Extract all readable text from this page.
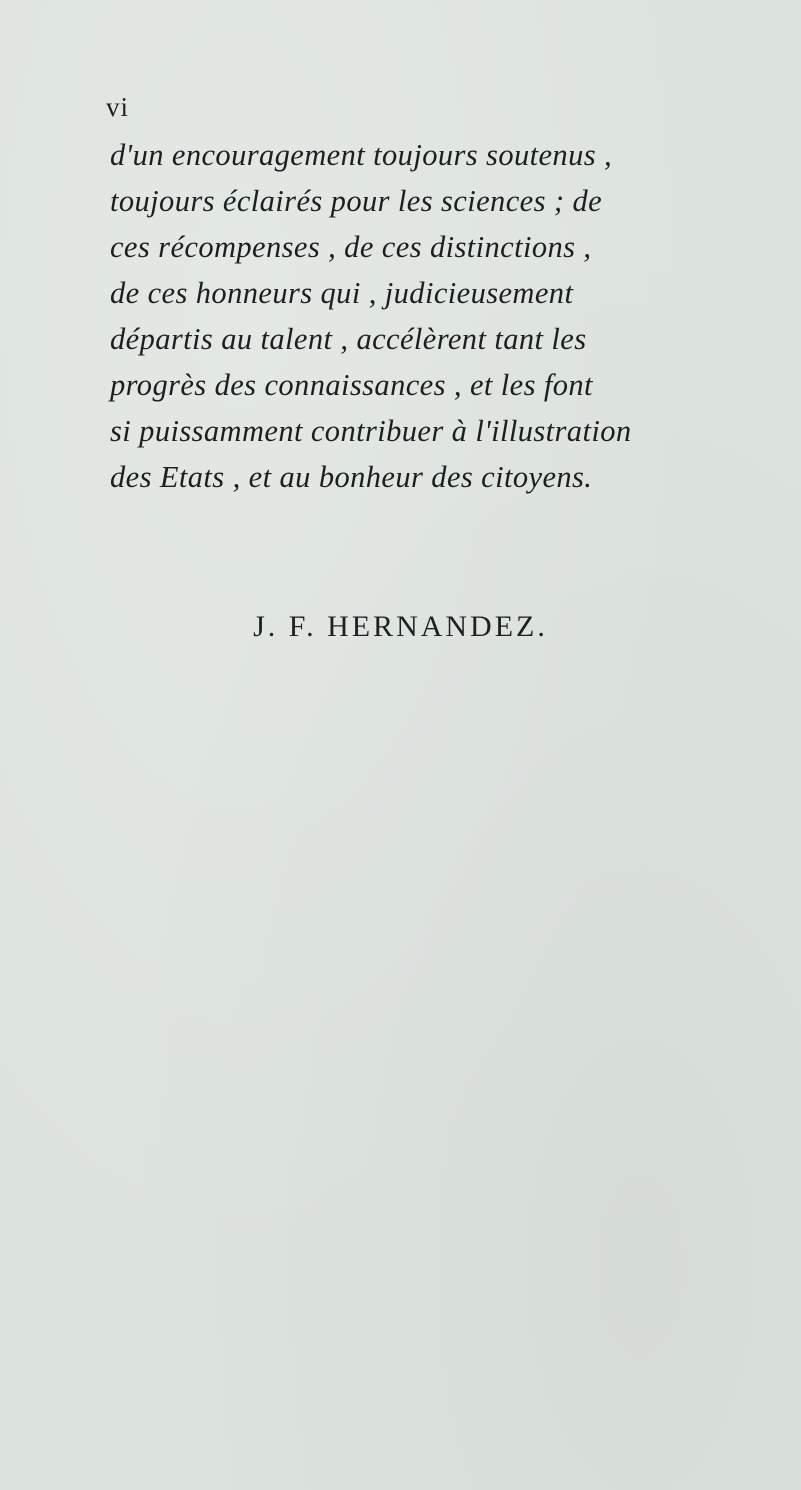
vi

d'un encouragement toujours soutenus ,
toujours éclairés pour les sciences ; de
ces récompenses , de ces distinctions ,
de ces honneurs qui , judicieusement
départis au talent , accélèrent tant les
progrès des connaissances , et les font
si puissamment contribuer à l'illustration
des Etats , et au bonheur des citoyens.

J. F. HERNANDEZ.
